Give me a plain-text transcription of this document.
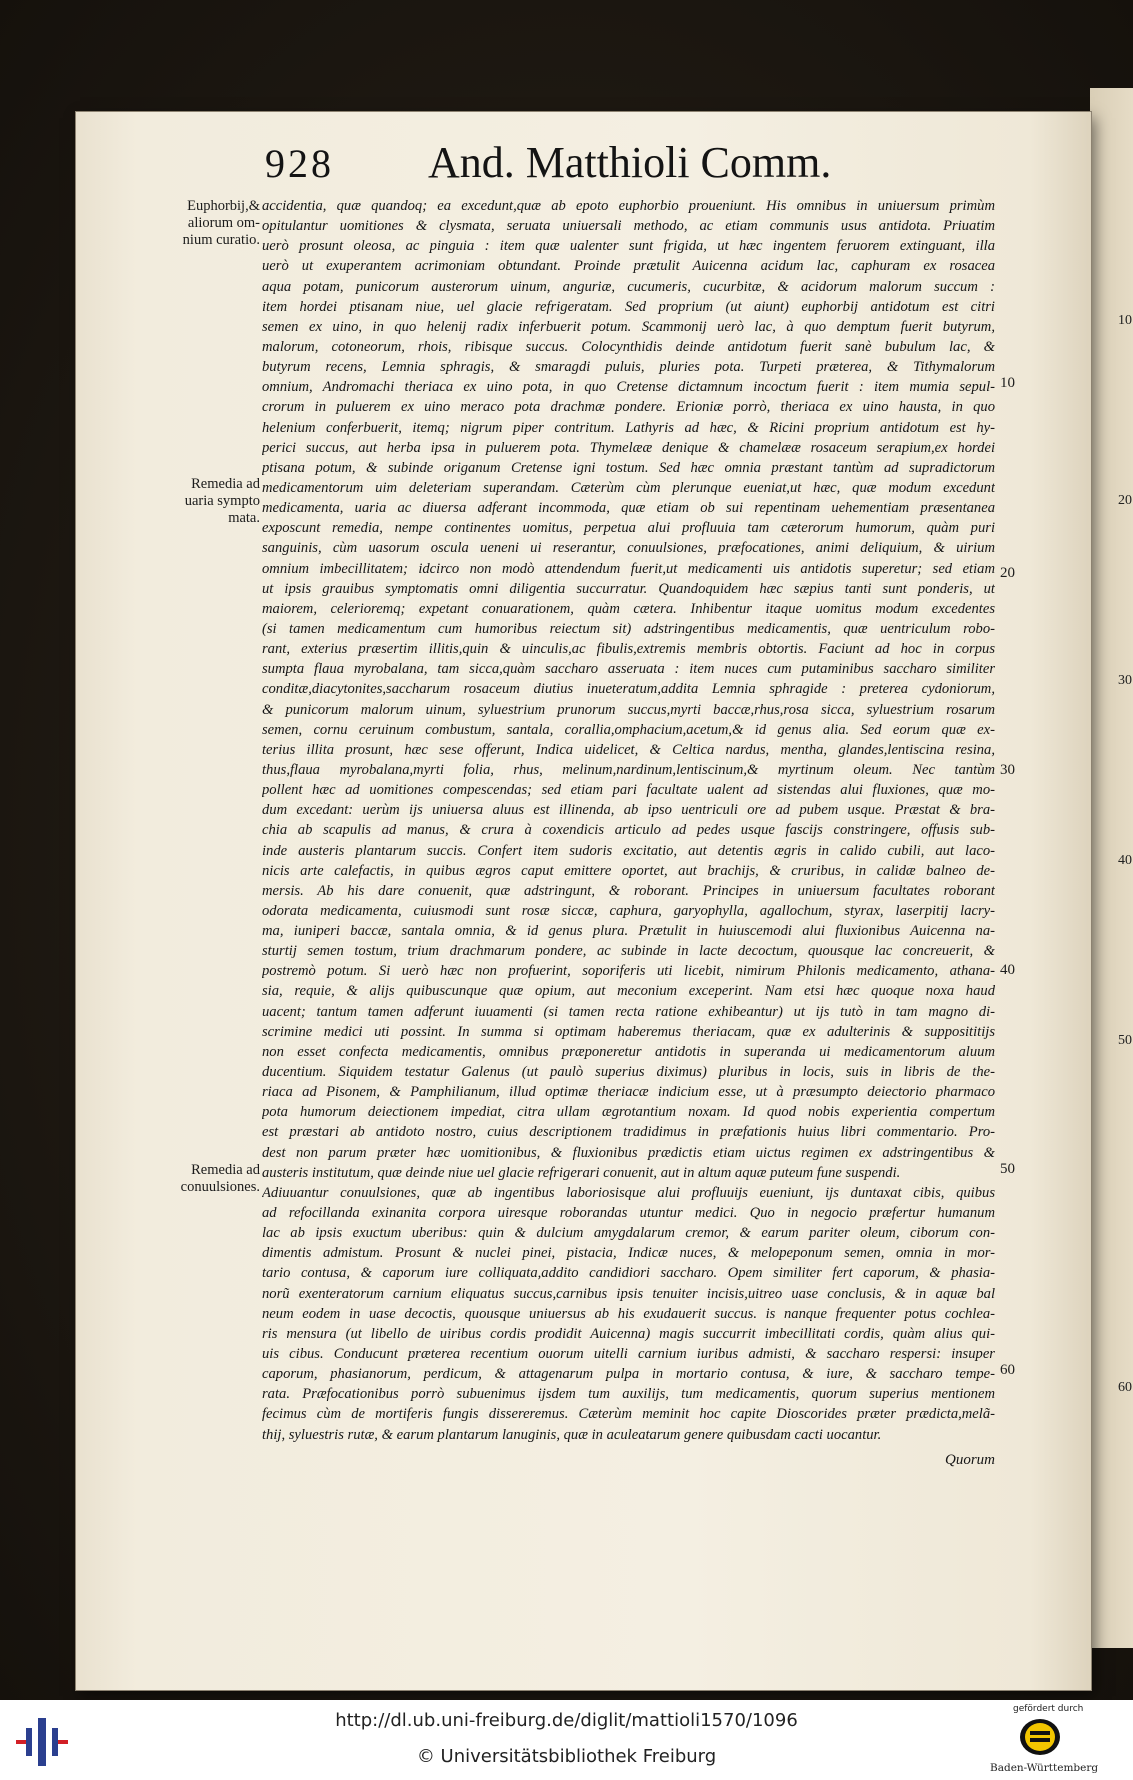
10
20
30
40
50
60
928 And. Matthioli Comm.
Euphorbij,& aliorum om-nium curatio.
Remedia ad uaria sympto mata.
Remedia ad conuulsiones.
accidentia, quæ quandoq; ea excedunt,quæ ab epoto euphorbio proueniunt. His omnibus in uniuersum primùm
opitulantur uomitiones & clysmata, seruata uniuersali methodo, ac etiam communis usus antidota. Priuatim
uerò prosunt oleosa, ac pinguia : item quæ ualenter sunt frigida, ut hæc ingentem feruorem extinguant, illa
uerò ut exuperantem acrimoniam obtundant. Proinde prætulit Auicenna acidum lac, caphuram ex rosacea
aqua potam, punicorum austerorum uinum, anguriæ, cucumeris, cucurbitæ, & acidorum malorum succum :
item hordei ptisanam niue, uel glacie refrigeratam. Sed proprium (ut aiunt) euphorbij antidotum est citri
semen ex uino, in quo helenij radix inferbuerit potum. Scammonij uerò lac, à quo demptum fuerit butyrum,
malorum, cotoneorum, rhois, ribisque succus. Colocynthidis deinde antidotum fuerit sanè bubulum lac, &
butyrum recens, Lemnia sphragis, & smaragdi puluis, pluries pota. Turpeti præterea, & Tithymalorum
omnium, Andromachi theriaca ex uino pota, in quo Cretense dictamnum incoctum fuerit : item mumia sepul-
crorum in puluerem ex uino meraco pota drachmæ pondere. Erioniæ porrò, theriaca ex uino hausta, in quo
helenium conferbuerit, itemq; nigrum piper contritum. Lathyris ad hæc, & Ricini proprium antidotum est hy-
perici succus, aut herba ipsa in puluerem pota. Thymelææ denique & chamelææ rosaceum serapium,ex hordei
ptisana potum, & subinde origanum Cretense igni tostum. Sed hæc omnia præstant tantùm ad supradictorum
medicamentorum uim deleteriam superandam. Cæterùm cùm plerunque eueniat,ut hæc, quæ modum excedunt
medicamenta, uaria ac diuersa adferant incommoda, quæ etiam ob sui repentinam uehementiam præsentanea
exposcunt remedia, nempe continentes uomitus, perpetua alui profluuia tam cæterorum humorum, quàm puri
sanguinis, cùm uasorum oscula ueneni ui reserantur, conuulsiones, præfocationes, animi deliquium, & uirium
omnium imbecillitatem; idcirco non modò attendendum fuerit,ut medicamenti uis antidotis superetur; sed etiam
ut ipsis grauibus symptomatis omni diligentia succurratur. Quandoquidem hæc sæpius tanti sunt ponderis, ut
maiorem, celerioremq; expetant conuarationem, quàm cætera. Inhibentur itaque uomitus modum excedentes
(si tamen medicamentum cum humoribus reiectum sit) adstringentibus medicamentis, quæ uentriculum robo-
rant, exterius præsertim illitis,quin & uinculis,ac fibulis,extremis membris obtortis. Faciunt ad hoc in corpus
sumpta flaua myrobalana, tam sicca,quàm saccharo asseruata : item nuces cum putaminibus saccharo similiter
conditæ,diacytonites,saccharum rosaceum diutius inueteratum,addita Lemnia sphragide : preterea cydoniorum,
& punicorum malorum uinum, syluestrium prunorum succus,myrti baccæ,rhus,rosa sicca, syluestrium rosarum
semen, cornu ceruinum combustum, santala, corallia,omphacium,acetum,& id genus alia. Sed eorum quæ ex-
terius illita prosunt, hæc sese offerunt, Indica uidelicet, & Celtica nardus, mentha, glandes,lentiscina resina,
thus,flaua myrobalana,myrti folia, rhus, melinum,nardinum,lentiscinum,& myrtinum oleum. Nec tantùm
pollent hæc ad uomitiones compescendas; sed etiam pari facultate ualent ad sistendas alui fluxiones, quæ mo-
dum excedant: uerùm ijs uniuersa aluus est illinenda, ab ipso uentriculi ore ad pubem usque. Præstat & bra-
chia ab scapulis ad manus, & crura à coxendicis articulo ad pedes usque fascijs constringere, offusis sub-
inde austeris plantarum succis. Confert item sudoris excitatio, aut detentis ægris in calido cubili, aut laco-
nicis arte calefactis, in quibus ægros caput emittere oportet, aut brachijs, & cruribus, in calidæ balneo de-
mersis. Ab his dare conuenit, quæ adstringunt, & roborant. Principes in uniuersum facultates roborant
odorata medicamenta, cuiusmodi sunt rosæ siccæ, caphura, garyophylla, agallochum, styrax, laserpitij lacry-
ma, iuniperi baccæ, santala omnia, & id genus plura. Prætulit in huiuscemodi alui fluxionibus Auicenna na-
sturtij semen tostum, trium drachmarum pondere, ac subinde in lacte decoctum, quousque lac concreuerit, &
postremò potum. Si uerò hæc non profuerint, soporiferis uti licebit, nimirum Philonis medicamento, athana-
sia, requie, & alijs quibuscunque quæ opium, aut meconium exceperint. Nam etsi hæc quoque noxa haud
uacent; tantum tamen adferunt iuuamenti (si tamen recta ratione exhibeantur) ut ijs tutò in tam magno di-
scrimine medici uti possint. In summa si optimam haberemus theriacam, quæ ex adulterinis & supposititijs
non esset confecta medicamentis, omnibus præponeretur antidotis in superanda ui medicamentorum aluum
ducentium. Siquidem testatur Galenus (ut paulò superius diximus) pluribus in locis, suis in libris de the-
riaca ad Pisonem, & Pamphilianum, illud optimæ theriacæ indicium esse, ut à præsumpto deiectorio pharmaco
pota humorum deiectionem impediat, citra ullam ægrotantium noxam. Id quod nobis experientia compertum
est præstari ab antidoto nostro, cuius descriptionem tradidimus in præfationis huius libri commentario. Pro-
dest non parum præter hæc uomitionibus, & fluxionibus prædictis etiam uictus regimen ex adstringentibus &
austeris institutum, quæ deinde niue uel glacie refrigerari conuenit, aut in altum aquæ puteum fune suspendi.
Adiuuantur conuulsiones, quæ ab ingentibus laboriosisque alui profluuijs eueniunt, ijs duntaxat cibis, quibus
ad refocillanda exinanita corpora uiresque roborandas utuntur medici. Quo in negocio præfertur humanum
lac ab ipsis exuctum uberibus: quin & dulcium amygdalarum cremor, & earum pariter oleum, ciborum con-
dimentis admistum. Prosunt & nuclei pinei, pistacia, Indicæ nuces, & melopeponum semen, omnia in mor-
tario contusa, & caporum iure colliquata,addito candidiori saccharo. Opem similiter fert caporum, & phasia-
norũ exenteratorum carnium eliquatus succus,carnibus ipsis tenuiter incisis,uitreo uase conclusis, & in aquæ bal
neum eodem in uase decoctis, quousque uniuersus ab his exudauerit succus. is nanque frequenter potus cochlea-
ris mensura (ut libello de uiribus cordis prodidit Auicenna) magis succurrit imbecillitati cordis, quàm alius qui-
uis cibus. Conducunt præterea recentium ouorum uitelli carnium iuribus admisti, & saccharo respersi: insuper
caporum, phasianorum, perdicum, & attagenarum pulpa in mortario contusa, & iure, & saccharo tempe-
rata. Præfocationibus porrò subuenimus ijsdem tum auxilijs, tum medicamentis, quorum superius mentionem
fecimus cùm de mortiferis fungis dissereremus. Cæterùm meminit hoc capite Dioscorides præter prædicta,melã-
thij, syluestris rutæ, & earum plantarum lanuginis, quæ in aculeatarum genere quibusdam cacti uocantur.
10
20
30
40
50
60
Quorum
http://dl.ub.uni-freiburg.de/diglit/mattioli1570/1096
© Universitätsbibliothek Freiburg
gefördert durch
Baden-Württemberg
